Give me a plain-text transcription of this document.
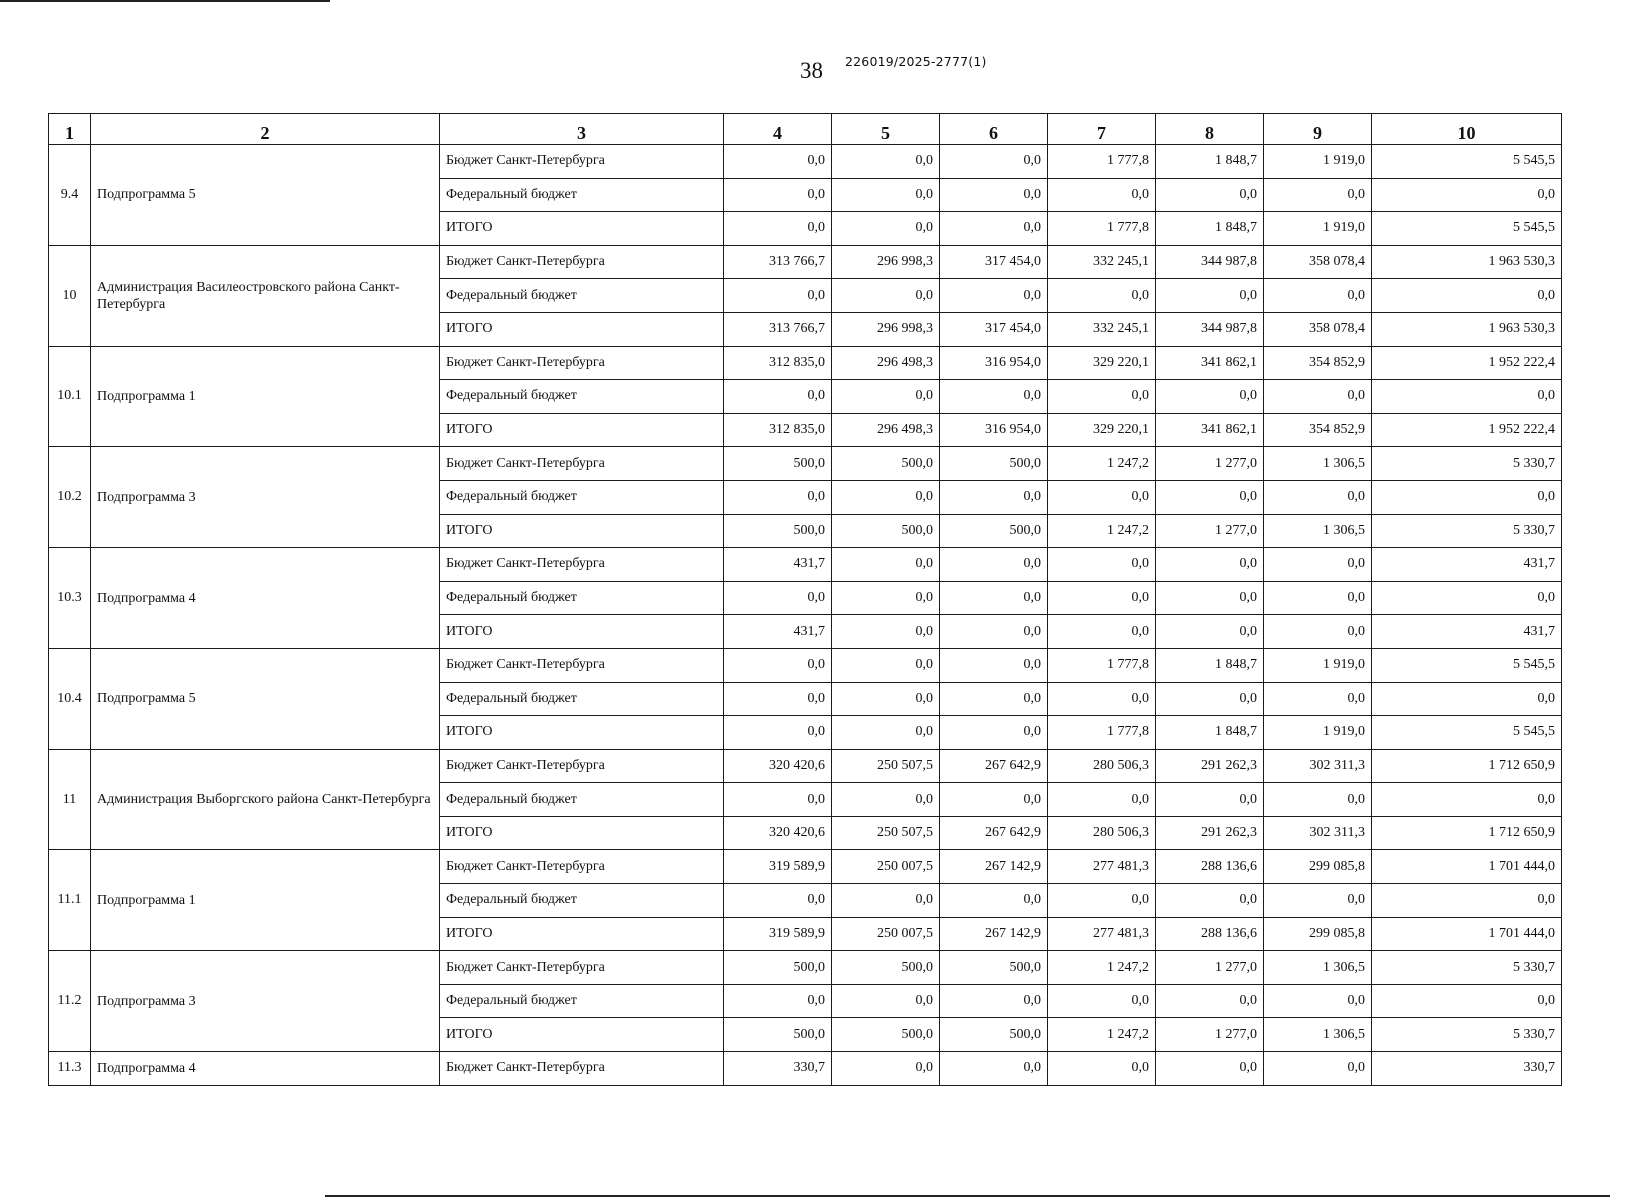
38 226019/2025-2777(1)
1	2	3	4	5	6	7	8	9	10
9.4	Подпрограмма 5	Бюджет Санкт-Петербурга	0,0	0,0	0,0	1 777,8	1 848,7	1 919,0	5 545,5
		Федеральный бюджет	0,0	0,0	0,0	0,0	0,0	0,0	0,0
		ИТОГО	0,0	0,0	0,0	1 777,8	1 848,7	1 919,0	5 545,5
10	Администрация Василеостровского района Санкт-Петербурга	Бюджет Санкт-Петербурга	313 766,7	296 998,3	317 454,0	332 245,1	344 987,8	358 078,4	1 963 530,3
		Федеральный бюджет	0,0	0,0	0,0	0,0	0,0	0,0	0,0
		ИТОГО	313 766,7	296 998,3	317 454,0	332 245,1	344 987,8	358 078,4	1 963 530,3
10.1	Подпрограмма 1	Бюджет Санкт-Петербурга	312 835,0	296 498,3	316 954,0	329 220,1	341 862,1	354 852,9	1 952 222,4
		Федеральный бюджет	0,0	0,0	0,0	0,0	0,0	0,0	0,0
		ИТОГО	312 835,0	296 498,3	316 954,0	329 220,1	341 862,1	354 852,9	1 952 222,4
10.2	Подпрограмма 3	Бюджет Санкт-Петербурга	500,0	500,0	500,0	1 247,2	1 277,0	1 306,5	5 330,7
		Федеральный бюджет	0,0	0,0	0,0	0,0	0,0	0,0	0,0
		ИТОГО	500,0	500,0	500,0	1 247,2	1 277,0	1 306,5	5 330,7
10.3	Подпрограмма 4	Бюджет Санкт-Петербурга	431,7	0,0	0,0	0,0	0,0	0,0	431,7
		Федеральный бюджет	0,0	0,0	0,0	0,0	0,0	0,0	0,0
		ИТОГО	431,7	0,0	0,0	0,0	0,0	0,0	431,7
10.4	Подпрограмма 5	Бюджет Санкт-Петербурга	0,0	0,0	0,0	1 777,8	1 848,7	1 919,0	5 545,5
		Федеральный бюджет	0,0	0,0	0,0	0,0	0,0	0,0	0,0
		ИТОГО	0,0	0,0	0,0	1 777,8	1 848,7	1 919,0	5 545,5
11	Администрация Выборгского района Санкт-Петербурга	Бюджет Санкт-Петербурга	320 420,6	250 507,5	267 642,9	280 506,3	291 262,3	302 311,3	1 712 650,9
		Федеральный бюджет	0,0	0,0	0,0	0,0	0,0	0,0	0,0
		ИТОГО	320 420,6	250 507,5	267 642,9	280 506,3	291 262,3	302 311,3	1 712 650,9
11.1	Подпрограмма 1	Бюджет Санкт-Петербурга	319 589,9	250 007,5	267 142,9	277 481,3	288 136,6	299 085,8	1 701 444,0
		Федеральный бюджет	0,0	0,0	0,0	0,0	0,0	0,0	0,0
		ИТОГО	319 589,9	250 007,5	267 142,9	277 481,3	288 136,6	299 085,8	1 701 444,0
11.2	Подпрограмма 3	Бюджет Санкт-Петербурга	500,0	500,0	500,0	1 247,2	1 277,0	1 306,5	5 330,7
		Федеральный бюджет	0,0	0,0	0,0	0,0	0,0	0,0	0,0
		ИТОГО	500,0	500,0	500,0	1 247,2	1 277,0	1 306,5	5 330,7
11.3	Подпрограмма 4	Бюджет Санкт-Петербурга	330,7	0,0	0,0	0,0	0,0	0,0	330,7
